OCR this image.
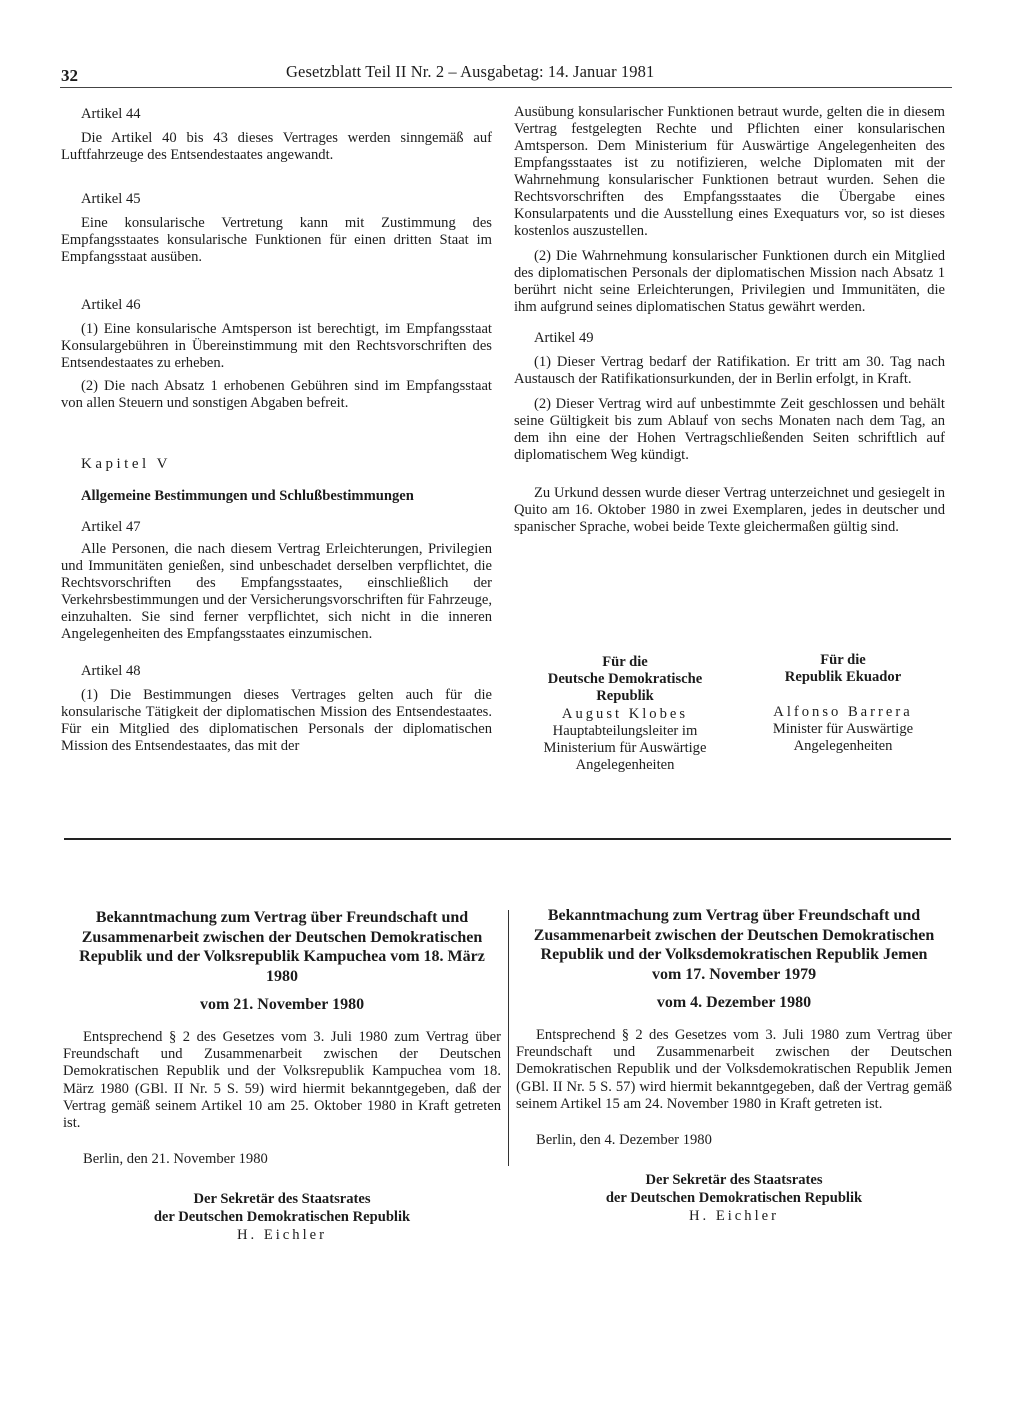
32	Gesetzblatt Teil II Nr. 2 – Ausgabetag: 14. Januar 1981

Artikel 44

Die Artikel 40 bis 43 dieses Vertrages werden sinngemäß auf Luftfahrzeuge des Entsendestaates angewandt.

Artikel 45

Eine konsularische Vertretung kann mit Zustimmung des Empfangsstaates konsularische Funktionen für einen dritten Staat im Empfangsstaat ausüben.

Artikel 46

(1) Eine konsularische Amtsperson ist berechtigt, im Empfangsstaat Konsulargebühren in Übereinstimmung mit den Rechtsvorschriften des Entsendestaates zu erheben.

(2) Die nach Absatz 1 erhobenen Gebühren sind im Empfangsstaat von allen Steuern und sonstigen Abgaben befreit.

Kapitel V

Allgemeine Bestimmungen und Schlußbestimmungen

Artikel 47

Alle Personen, die nach diesem Vertrag Erleichterungen, Privilegien und Immunitäten genießen, sind unbeschadet derselben verpflichtet, die Rechtsvorschriften des Empfangsstaates, einschließlich der Verkehrsbestimmungen und der Versicherungsvorschriften für Fahrzeuge, einzuhalten. Sie sind ferner verpflichtet, sich nicht in die inneren Angelegenheiten des Empfangsstaates einzumischen.

Artikel 48

(1) Die Bestimmungen dieses Vertrages gelten auch für die konsularische Tätigkeit der diplomatischen Mission des Entsendestaates. Für ein Mitglied des diplomatischen Personals der diplomatischen Mission des Entsendestaates, das mit der

Ausübung konsularischer Funktionen betraut wurde, gelten die in diesem Vertrag festgelegten Rechte und Pflichten einer konsularischen Amtsperson. Dem Ministerium für Auswärtige Angelegenheiten des Empfangsstaates ist zu notifizieren, welche Diplomaten mit der Wahrnehmung konsularischer Funktionen betraut wurden. Sehen die Rechtsvorschriften des Empfangsstaates die Übergabe eines Konsularpatents und die Ausstellung eines Exequaturs vor, so ist dieses kostenlos auszustellen.

(2) Die Wahrnehmung konsularischer Funktionen durch ein Mitglied des diplomatischen Personals der diplomatischen Mission nach Absatz 1 berührt nicht seine Erleichterungen, Privilegien und Immunitäten, die ihm aufgrund seines diplomatischen Status gewährt werden.

Artikel 49

(1) Dieser Vertrag bedarf der Ratifikation. Er tritt am 30. Tag nach Austausch der Ratifikationsurkunden, der in Berlin erfolgt, in Kraft.

(2) Dieser Vertrag wird auf unbestimmte Zeit geschlossen und behält seine Gültigkeit bis zum Ablauf von sechs Monaten nach dem Tag, an dem ihn eine der Hohen Vertragschließenden Seiten schriftlich auf diplomatischem Weg kündigt.

Zu Urkund dessen wurde dieser Vertrag unterzeichnet und gesiegelt in Quito am 16. Oktober 1980 in zwei Exemplaren, jedes in deutscher und spanischer Sprache, wobei beide Texte gleichermaßen gültig sind.

Für die
Deutsche Demokratische Republik
August Klobes
Hauptabteilungsleiter im Ministerium für Auswärtige Angelegenheiten
Für die
Republik Ekuador
Alfonso Barrera
Minister für Auswärtige Angelegenheiten

Bekanntmachung zum Vertrag über Freundschaft und Zusammenarbeit zwischen der Deutschen Demokratischen Republik und der Volksrepublik Kampuchea vom 18. März 1980

vom 21. November 1980

Entsprechend § 2 des Gesetzes vom 3. Juli 1980 zum Vertrag über Freundschaft und Zusammenarbeit zwischen der Deutschen Demokratischen Republik und der Volksrepublik Kampuchea vom 18. März 1980 (GBl. II Nr. 5 S. 59) wird hiermit bekanntgegeben, daß der Vertrag gemäß seinem Artikel 10 am 25. Oktober 1980 in Kraft getreten ist.

Berlin, den 21. November 1980

Der Sekretär des Staatsrates

der Deutschen Demokratischen Republik

H. Eichler

Bekanntmachung zum Vertrag über Freundschaft und Zusammenarbeit zwischen der Deutschen Demokratischen Republik und der Volksdemokratischen Republik Jemen vom 17. November 1979

vom 4. Dezember 1980

Entsprechend § 2 des Gesetzes vom 3. Juli 1980 zum Vertrag über Freundschaft und Zusammenarbeit zwischen der Deutschen Demokratischen Republik und der Volksdemokratischen Republik Jemen (GBl. II Nr. 5 S. 57) wird hiermit bekanntgegeben, daß der Vertrag gemäß seinem Artikel 15 am 24. November 1980 in Kraft getreten ist.

Berlin, den 4. Dezember 1980

Der Sekretär des Staatsrates

der Deutschen Demokratischen Republik

H. Eichler
